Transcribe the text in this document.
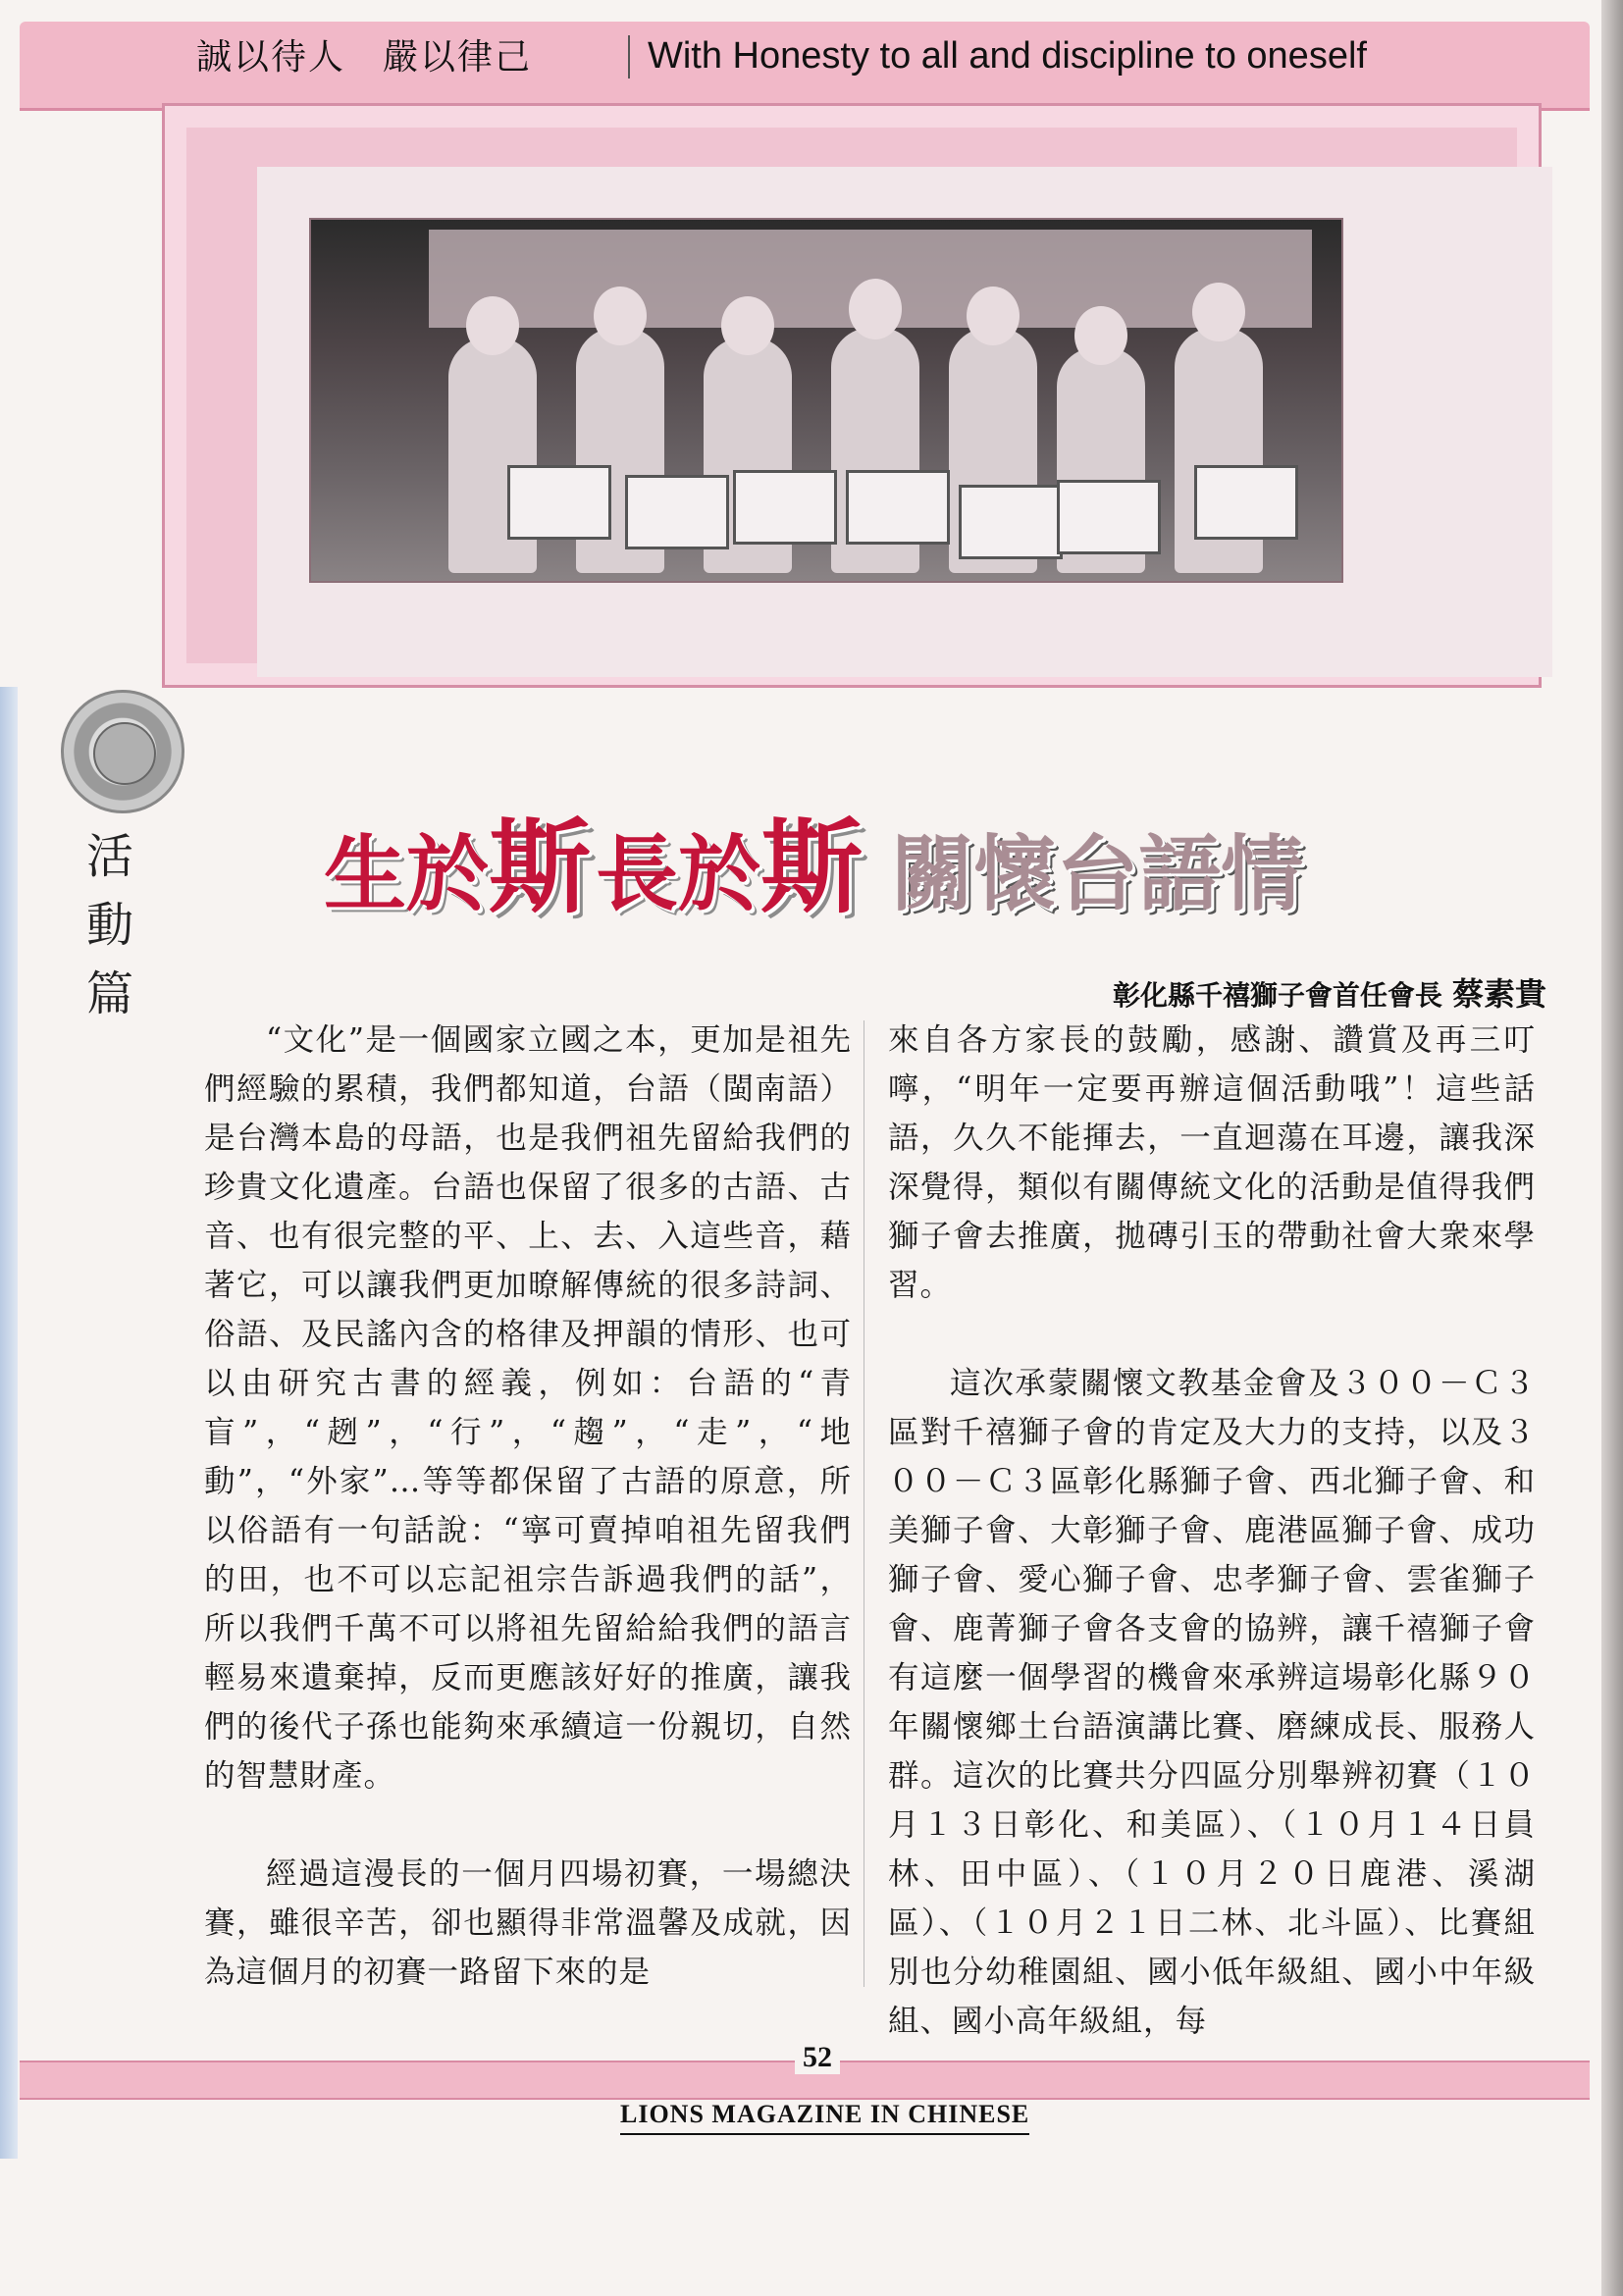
誠以待人　嚴以律己	With Honesty to all and discipline to oneself
活動篇
生於斯 長於斯 關懷台語情
彰化縣千禧獅子會首任會長 蔡素貴

“文化”是一個國家立國之本，更加是祖先們經驗的累積，我們都知道，台語（閩南語）是台灣本島的母語，也是我們祖先留給我們的珍貴文化遺產。台語也保留了很多的古語、古音、也有很完整的平、上、去、入這些音，藉著它，可以讓我們更加暸解傳統的很多詩詞、俗語、及民謠內含的格律及押韻的情形、也可以由研究古書的經義，例如：台語的“青盲”，“趔”，“行”，“趨”，“走”，“地動”，“外家”…等等都保留了古語的原意，所以俗語有一句話說：“寧可賣掉咱祖先留我們的田，也不可以忘記祖宗告訴過我們的話”，所以我們千萬不可以將祖先留給給我們的語言輕易來遺棄掉，反而更應該好好的推廣，讓我們的後代子孫也能夠來承續這一份親切，自然的智慧財產。

經過這漫長的一個月四場初賽，一場總決賽，雖很辛苦，卻也顯得非常溫馨及成就，因為這個月的初賽一路留下來的是

來自各方家長的鼓勵，感謝、讚賞及再三叮嚀，“明年一定要再辦這個活動哦”！這些話語，久久不能揮去，一直迴蕩在耳邊，讓我深深覺得，類似有關傳統文化的活動是值得我們獅子會去推廣，拋磚引玉的帶動社會大衆來學習。

這次承蒙關懷文教基金會及３００－Ｃ３區對千禧獅子會的肯定及大力的支持，以及３００－Ｃ３區彰化縣獅子會、西北獅子會、和美獅子會、大彰獅子會、鹿港區獅子會、成功獅子會、愛心獅子會、忠孝獅子會、雲雀獅子會、鹿菁獅子會各支會的協辨，讓千禧獅子會有這麼一個學習的機會來承辨這場彰化縣９０年關懷鄉土台語演講比賽、磨練成長、服務人群。這次的比賽共分四區分別舉辨初賽（１０月１３日彰化、和美區）、（１０月１４日員林、田中區）、（１０月２０日鹿港、溪湖區）、（１０月２１日二林、北斗區）、比賽組別也分幼稚園組、國小低年級組、國小中年級組、國小高年級組，每

52
LIONS MAGAZINE IN CHINESE
